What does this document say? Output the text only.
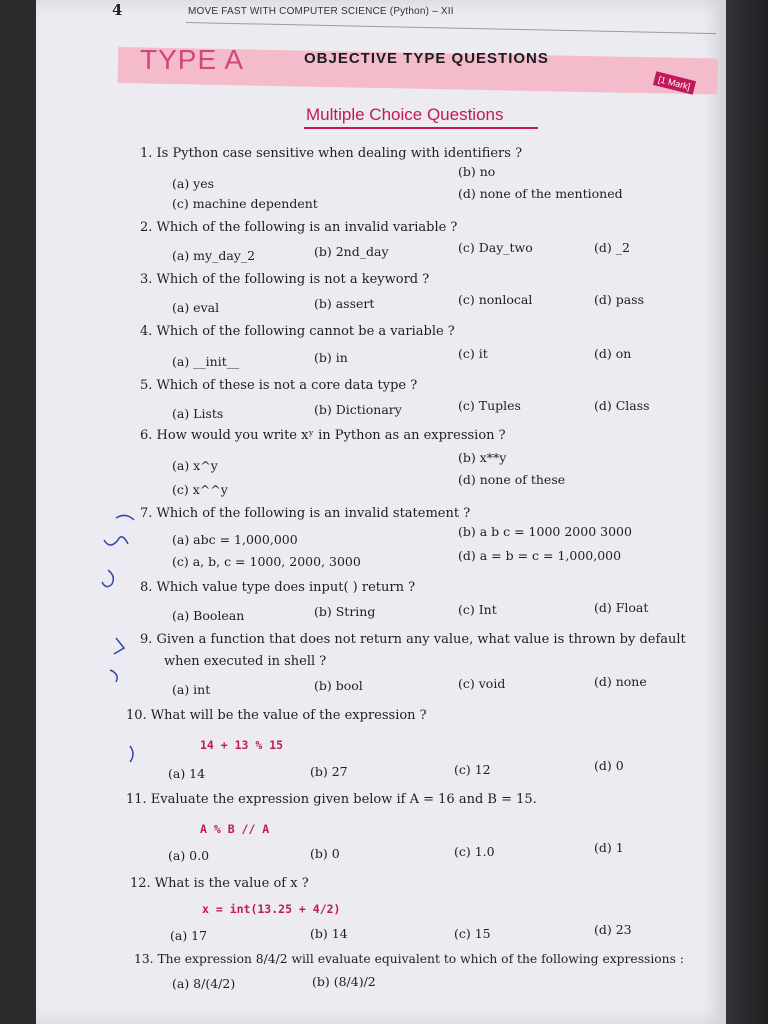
4	MOVE FAST WITH COMPUTER SCIENCE (Python) – XII
TYPE A	OBJECTIVE TYPE QUESTIONS
[1 Mark]
Multiple Choice Questions
1. Is Python case sensitive when dealing with identifiers ?
(a) yes
(b) no
(c) machine dependent
(d) none of the mentioned
2. Which of the following is an invalid variable ?
(a) my_day_2	(b) 2nd_day	(c) Day_two	(d) _2
3. Which of the following is not a keyword ?
(a) eval	(b) assert	(c) nonlocal	(d) pass
4. Which of the following cannot be a variable ?
(a) __init__	(b) in	(c) it	(d) on
5. Which of these is not a core data type ?
(a) Lists	(b) Dictionary	(c) Tuples	(d) Class
6. How would you write xʸ in Python as an expression ?
(a) x^y
(b) x**y
(c) x^^y
(d) none of these
7. Which of the following is an invalid statement ?
(a) abc = 1,000,000
(b) a b c = 1000 2000 3000
(c) a, b, c = 1000, 2000, 3000	(d) a = b = c = 1,000,000
8. Which value type does input( ) return ?
(a) Boolean	(b) String	(c) Int	(d) Float
9. Given a function that does not return any value, what value is thrown by default
when executed in shell ?
(a) int	(b) bool	(c) void	(d) none
10. What will be the value of the expression ?
14 + 13 % 15
(a) 14	(b) 27	(c) 12	(d) 0
11. Evaluate the expression given below if A = 16 and B = 15.
A % B // A
(a) 0.0	(b) 0	(c) 1.0	(d) 1
12. What is the value of x ?
x = int(13.25 + 4/2)
(a) 17	(b) 14	(c) 15	(d) 23
13. The expression 8/4/2 will evaluate equivalent to which of the following expressions :
(a) 8/(4/2)	(b) (8/4)/2
